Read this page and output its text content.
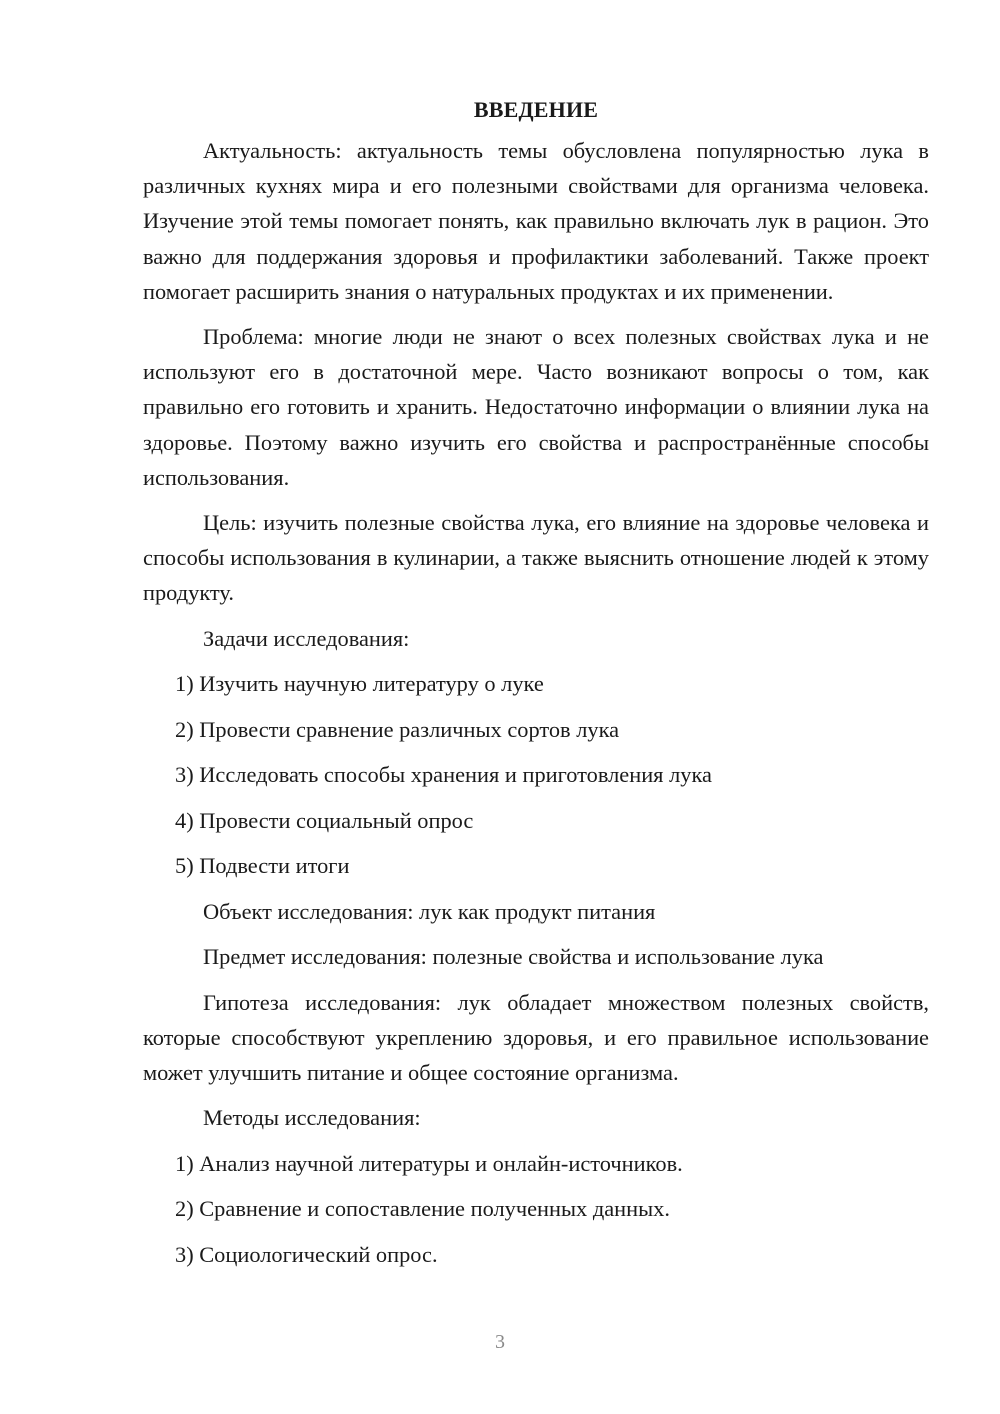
ВВЕДЕНИЕ

Актуальность: актуальность темы обусловлена популярностью лука в различных кухнях мира и его полезными свойствами для организма человека. Изучение этой темы помогает понять, как правильно включать лук в рацион. Это важно для поддержания здоровья и профилактики заболеваний. Также проект помогает расширить знания о натуральных продуктах и их применении.

Проблема: многие люди не знают о всех полезных свойствах лука и не используют его в достаточной мере. Часто возникают вопросы о том, как правильно его готовить и хранить. Недостаточно информации о влиянии лука на здоровье. Поэтому важно изучить его свойства и распространённые способы использования.

Цель: изучить полезные свойства лука, его влияние на здоровье человека и способы использования в кулинарии, а также выяснить отношение людей к этому продукту.

Задачи исследования:

1) Изучить научную литературу о луке
2) Провести сравнение различных сортов лука
3) Исследовать способы хранения и приготовления лука
4) Провести социальный опрос
5) Подвести итоги

Объект исследования: лук как продукт питания

Предмет исследования: полезные свойства и использование лука

Гипотеза исследования: лук обладает множеством полезных свойств, которые способствуют укреплению здоровья, и его правильное использование может улучшить питание и общее состояние организма.

Методы исследования:

1) Анализ научной литературы и онлайн-источников.
2) Сравнение и сопоставление полученных данных.
3) Социологический опрос.
3
